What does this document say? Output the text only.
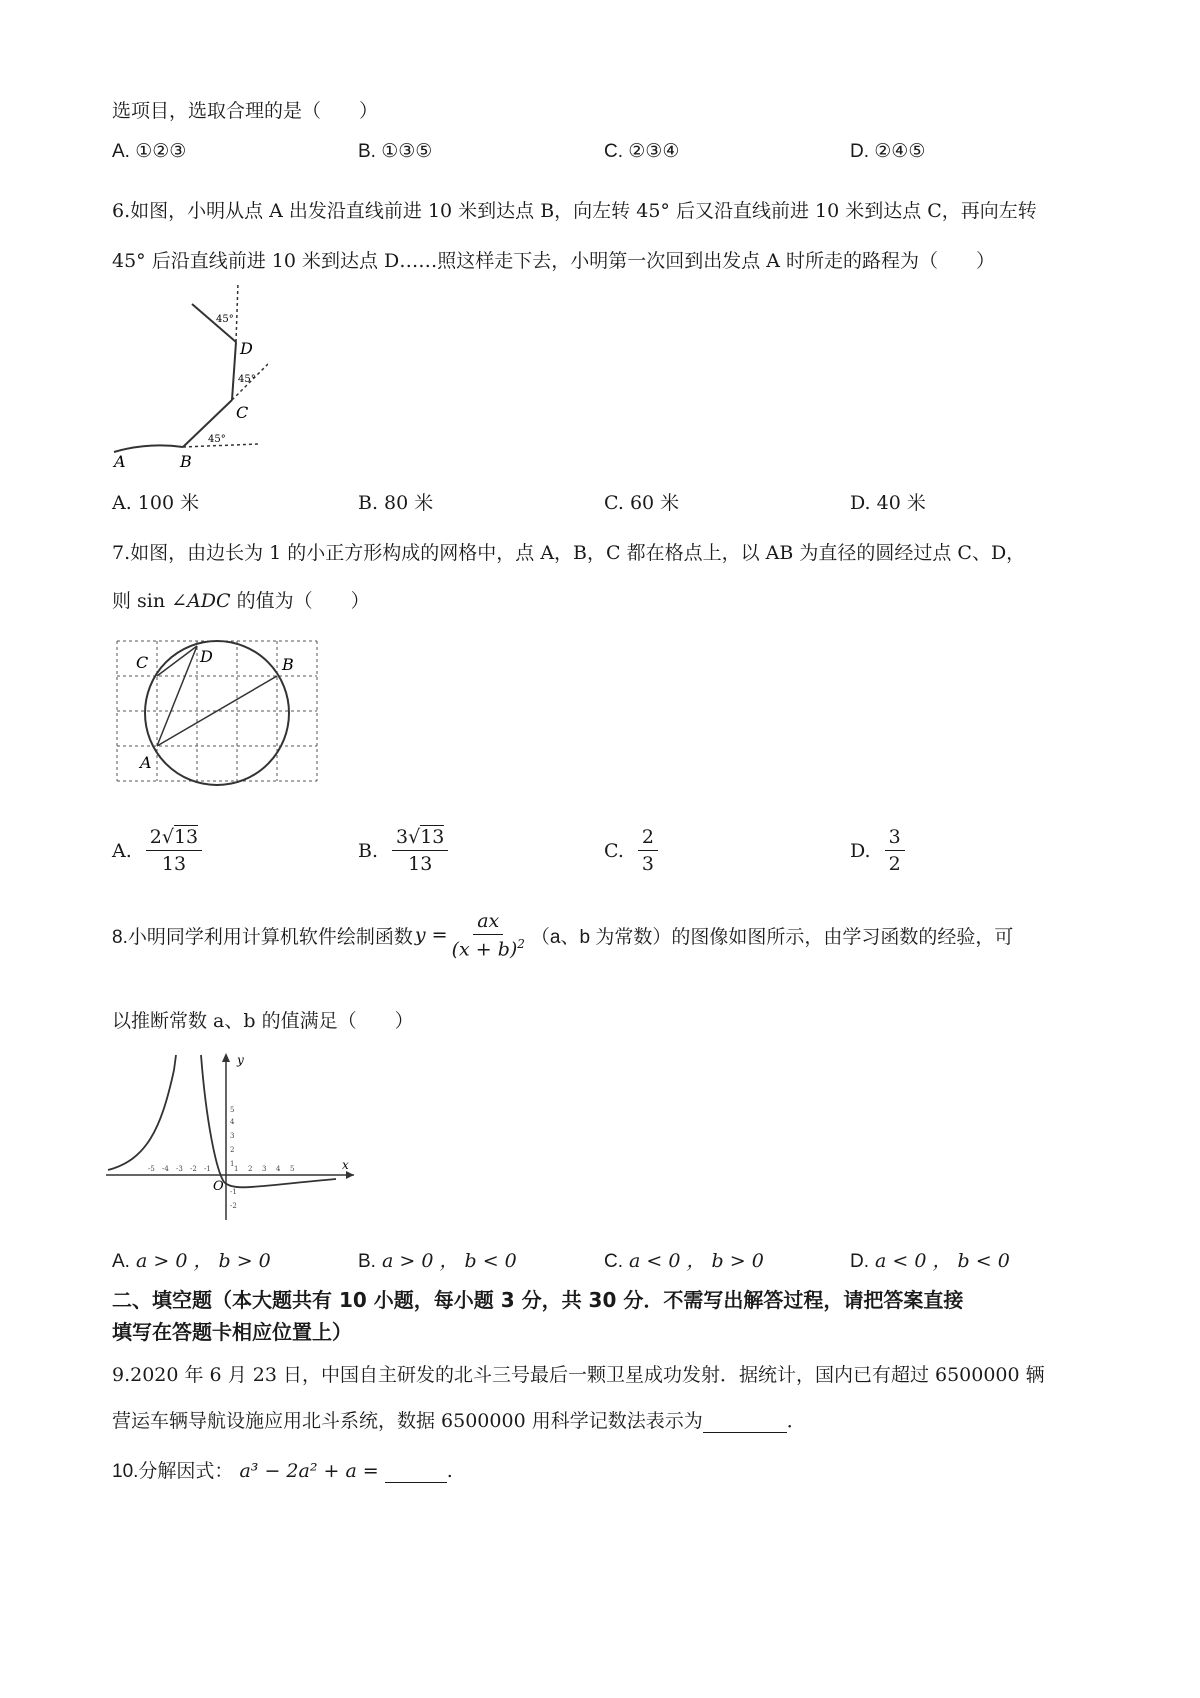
选项目，选取合理的是（　　）
A. ①②③	B. ①③⑤	C. ②③④	D. ②④⑤
6.如图，小明从点 A 出发沿直线前进 10 米到达点 B，向左转 45° 后又沿直线前进 10 米到达点 C，再向左转
45° 后沿直线前进 10 米到达点 D……照这样走下去，小明第一次回到出发点 A 时所走的路程为（　　）
A	B
C
D
45°
45°
45°
A. 100 米	B. 80 米	C. 60 米	D. 40 米
7.如图，由边长为 1 的小正方形构成的网格中，点 A，B，C 都在格点上，以 AB 为直径的圆经过点 C、D，
则 sin ∠ADC 的值为（　　）
A
B
C	D
A. $\frac{2√13}{13}$	B. $\frac{3√13}{13}$	C. $\frac{2}{3}$	D. $\frac{3}{2}$
8.小明同学利用计算机软件绘制函数 $y = \frac{ax}{(x + b)^2} (a$、b 为常数）的图像如图所示，由学习函数的经验，可
以推断常数 a、b 的值满足（　　）
y
x
O
-5 -4 -3 -2 -1	1 2 3 4 5
5
4
3
2
1
-1
-2
A. a > 0 ， b > 0	B. a > 0 ， b < 0	C. a < 0 ， b > 0	D. a < 0 ， b < 0
二、填空题（本大题共有 10 小题，每小题 3 分，共 30 分．不需写出解答过程，请把答案直接
填写在答题卡相应位置上）
9.2020 年 6 月 23 日，中国自主研发的北斗三号最后一颗卫星成功发射．据统计，国内已有超过 6500000 辆
营运车辆导航设施应用北斗系统，数据 6500000 用科学记数法表示为	．
10.分解因式： a³ − 2a² + a =	.
